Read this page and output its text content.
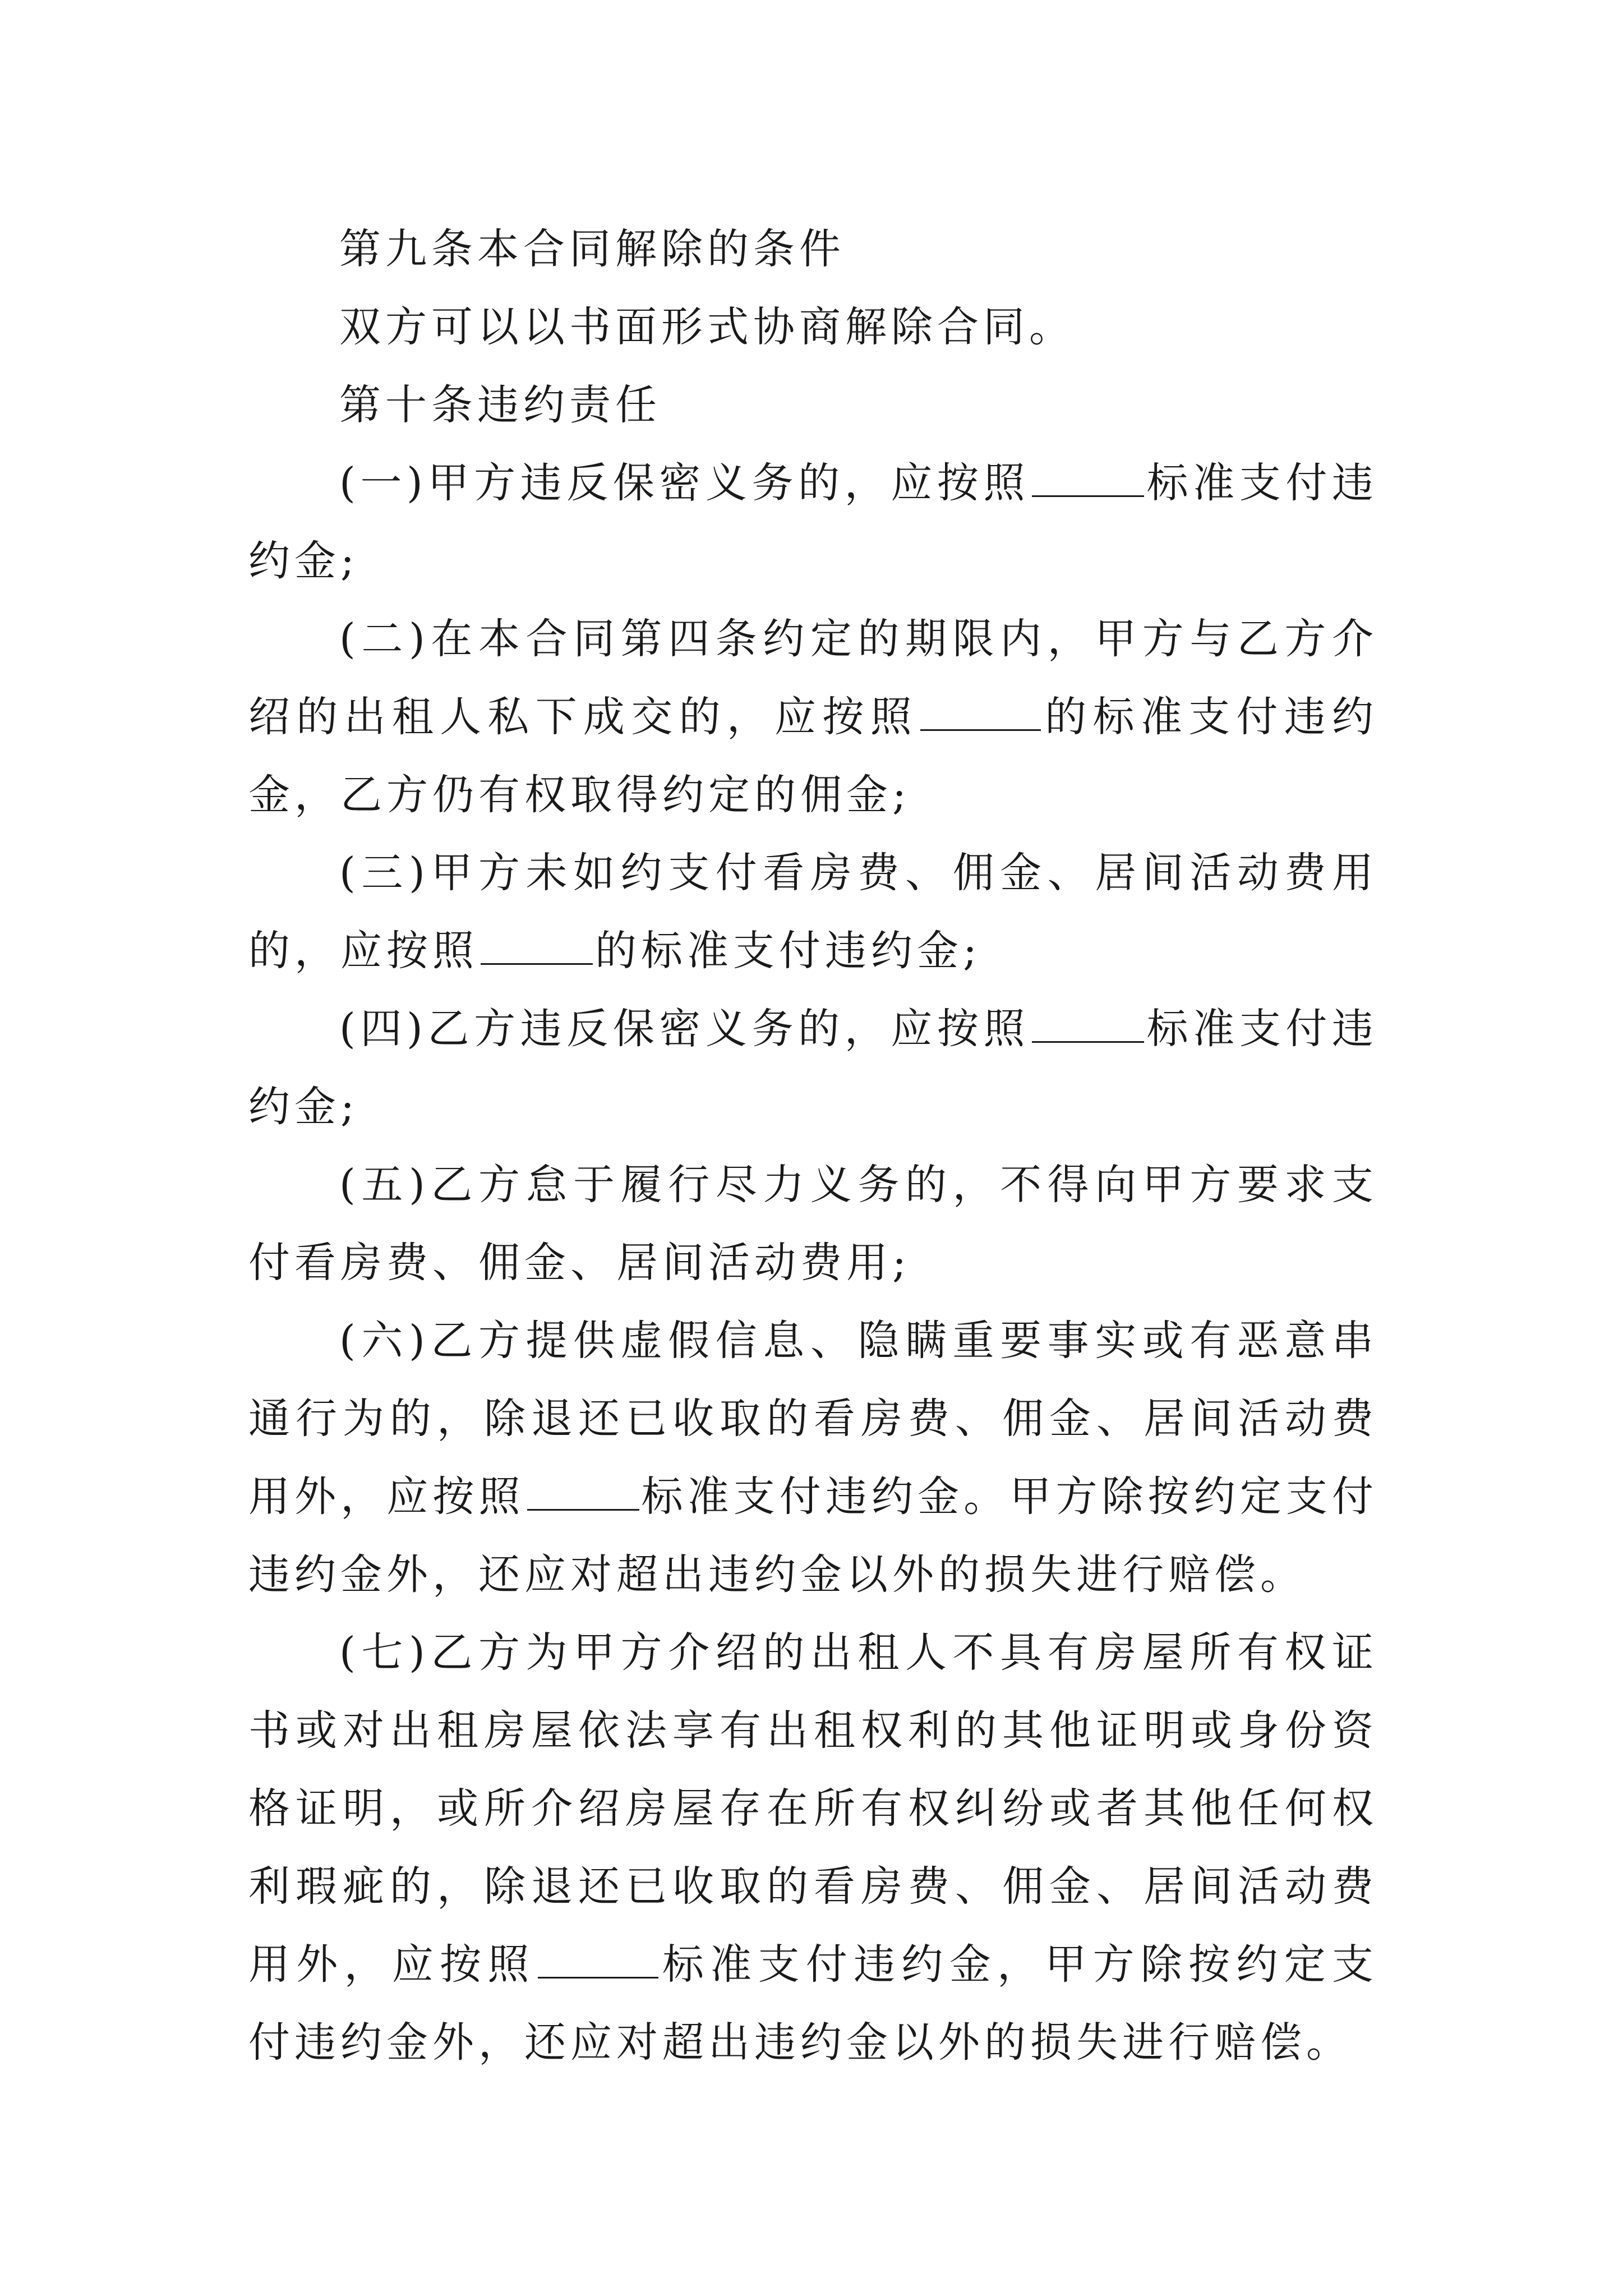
第九条本合同解除的条件

双方可以以书面形式协商解除合同。

第十条违约责任

(一)甲方违反保密义务的，应按照	标准支付违约金;

(二)在本合同第四条约定的期限内，甲方与乙方介绍的出租人私下成交的，应按照	的标准支付违约金，乙方仍有权取得约定的佣金;

(三)甲方未如约支付看房费、佣金、居间活动费用的，应按照	的标准支付违约金;

(四)乙方违反保密义务的，应按照	标准支付违约金;

(五)乙方怠于履行尽力义务的，不得向甲方要求支付看房费、佣金、居间活动费用;

(六)乙方提供虚假信息、隐瞒重要事实或有恶意串通行为的，除退还已收取的看房费、佣金、居间活动费用外，应按照	标准支付违约金。甲方除按约定支付违约金外，还应对超出违约金以外的损失进行赔偿。

(七)乙方为甲方介绍的出租人不具有房屋所有权证书或对出租房屋依法享有出租权利的其他证明或身份资格证明，或所介绍房屋存在所有权纠纷或者其他任何权利瑕疵的，除退还已收取的看房费、佣金、居间活动费用外，应按照	标准支付违约金，甲方除按约定支付违约金外，还应对超出违约金以外的损失进行赔偿。
